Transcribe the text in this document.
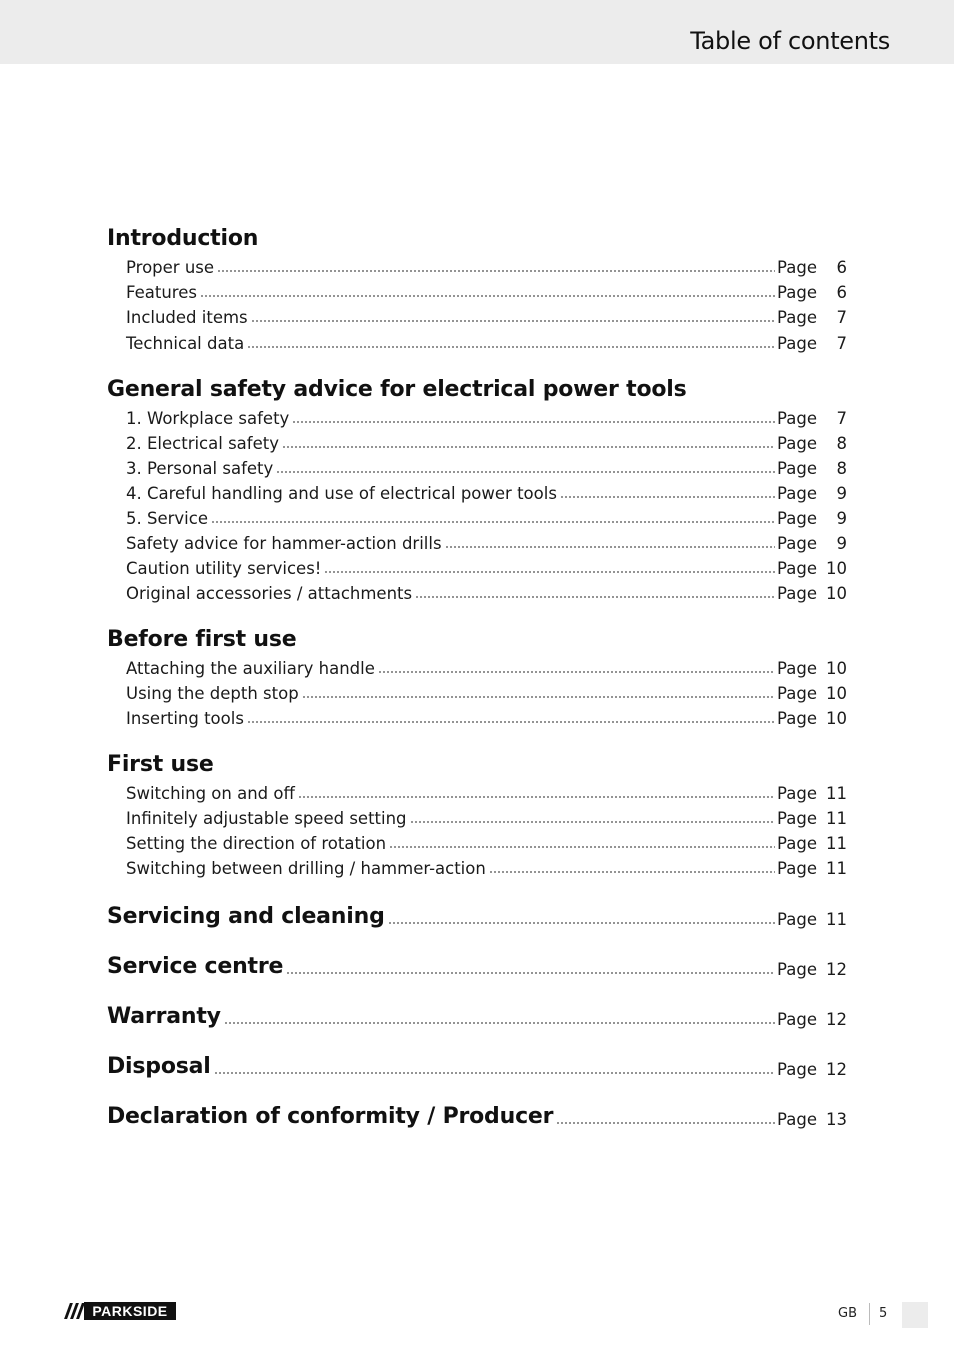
Table of contents
Introduction
Proper use	Page	6
Features	Page	6
Included items	Page	7
Technical data	Page	7
General safety advice for electrical power tools
1. Workplace safety	Page	7
2. Electrical safety	Page	8
3. Personal safety	Page	8
4. Careful handling and use of electrical power tools	Page	9
5. Service	Page	9
Safety advice for hammer-action drills	Page	9
Caution utility services!	Page 10
Original accessories / attachments	Page 10
Before first use
Attaching the auxiliary handle	Page 10
Using the depth stop	Page 10
Inserting tools	Page 10
First use
Switching on and off	Page 11
Infinitely adjustable speed setting	Page 11
Setting the direction of rotation	Page 11
Switching between drilling / hammer-action	Page 11
Servicing and cleaning	Page 11
Service centre	Page 12
Warranty	Page 12
Disposal	Page 12
Declaration of conformity / Producer	Page 13
PARKSIDE	GB 5
